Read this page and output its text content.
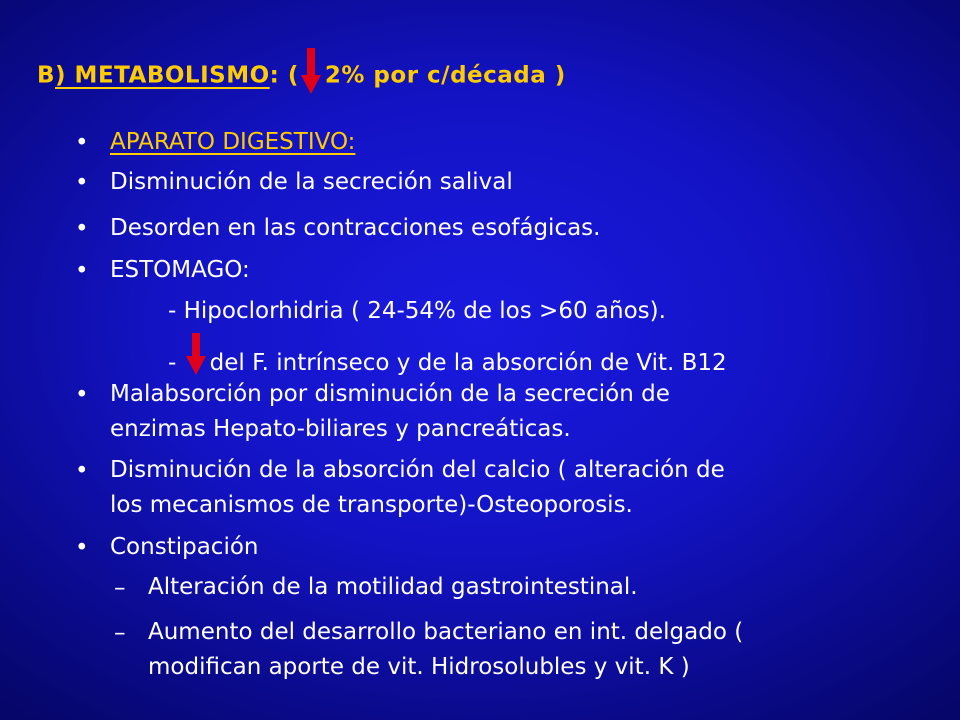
B) METABOLISMO: ( 2% por c/década )
• APARATO DIGESTIVO:
• Disminución de la secreción salival
• Desorden en las contracciones esofágicas.
• ESTOMAGO:
- Hipoclorhidria ( 24-54% de los >60 años).
- del F. intrínseco y de la absorción de Vit. B12
• Malabsorción por disminución de la secreción de
enzimas Hepato-biliares y pancreáticas.
• Disminución de la absorción del calcio ( alteración de
los mecanismos de transporte)-Osteoporosis.
• Constipación
– Alteración de la motilidad gastrointestinal.
– Aumento del desarrollo bacteriano en int. delgado (
modifican aporte de vit. Hidrosolubles y vit. K )
